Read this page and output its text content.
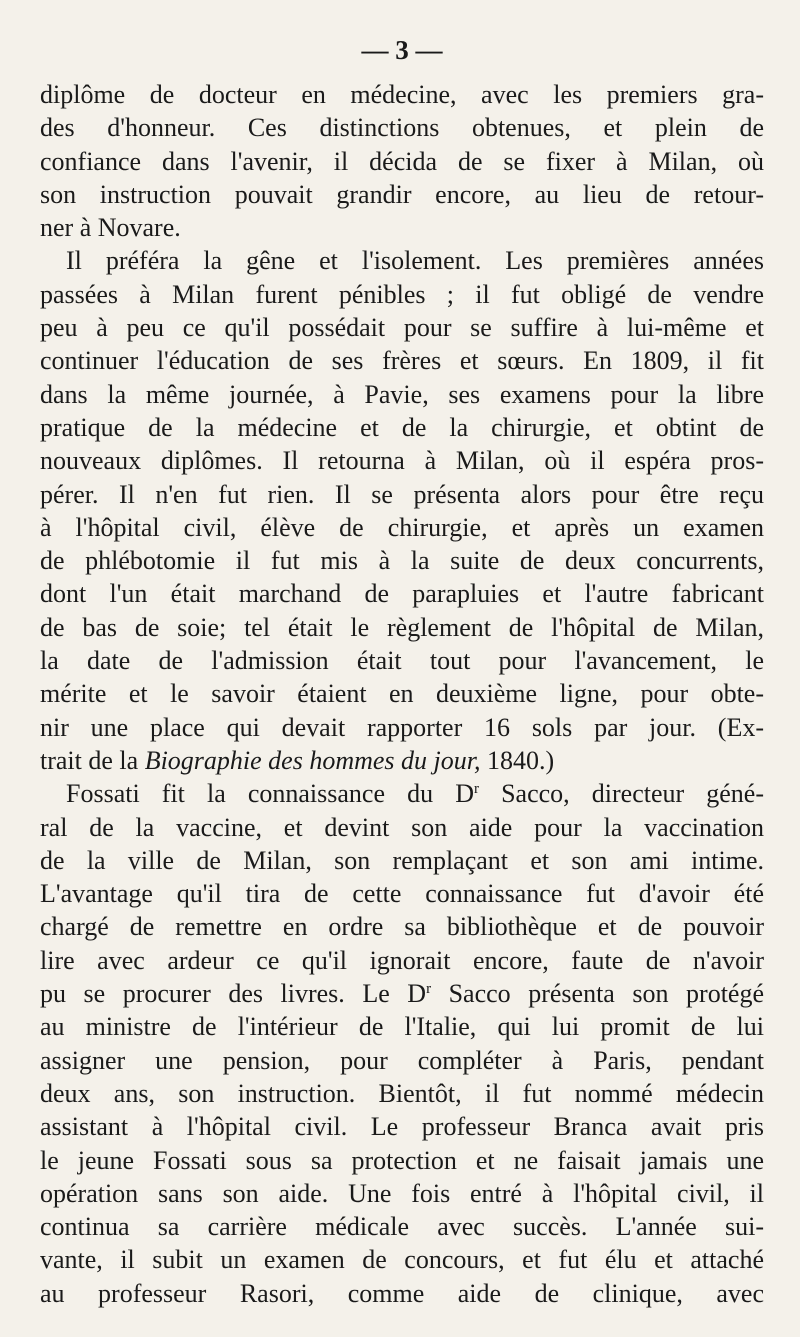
— 3 —

diplôme de docteur en médecine, avec les premiers gra-
des d'honneur. Ces distinctions obtenues, et plein de
confiance dans l'avenir, il décida de se fixer à Milan, où
son instruction pouvait grandir encore, au lieu de retour-
ner à Novare.

Il préféra la gêne et l'isolement. Les premières années
passées à Milan furent pénibles ; il fut obligé de vendre
peu à peu ce qu'il possédait pour se suffire à lui-même et
continuer l'éducation de ses frères et sœurs. En 1809, il fit
dans la même journée, à Pavie, ses examens pour la libre
pratique de la médecine et de la chirurgie, et obtint de
nouveaux diplômes. Il retourna à Milan, où il espéra pros-
pérer. Il n'en fut rien. Il se présenta alors pour être reçu
à l'hôpital civil, élève de chirurgie, et après un examen
de phlébotomie il fut mis à la suite de deux concurrents,
dont l'un était marchand de parapluies et l'autre fabricant
de bas de soie; tel était le règlement de l'hôpital de Milan,
la date de l'admission était tout pour l'avancement, le
mérite et le savoir étaient en deuxième ligne, pour obte-
nir une place qui devait rapporter 16 sols par jour. (Ex-
trait de la Biographie des hommes du jour, 1840.)

Fossati fit la connaissance du $D^r$ Sacco, directeur géné-
ral de la vaccine, et devint son aide pour la vaccination
de la ville de Milan, son remplaçant et son ami intime.
L'avantage qu'il tira de cette connaissance fut d'avoir été
chargé de remettre en ordre sa bibliothèque et de pouvoir
lire avec ardeur ce qu'il ignorait encore, faute de n'avoir
pu se procurer des livres. Le $D^r$ Sacco présenta son protégé
au ministre de l'intérieur de l'Italie, qui lui promit de lui
assigner une pension, pour compléter à Paris, pendant
deux ans, son instruction. Bientôt, il fut nommé médecin
assistant à l'hôpital civil. Le professeur Branca avait pris
le jeune Fossati sous sa protection et ne faisait jamais une
opération sans son aide. Une fois entré à l'hôpital civil, il
continua sa carrière médicale avec succès. L'année sui-
vante, il subit un examen de concours, et fut élu et attaché
au professeur Rasori, comme aide de clinique, avec
